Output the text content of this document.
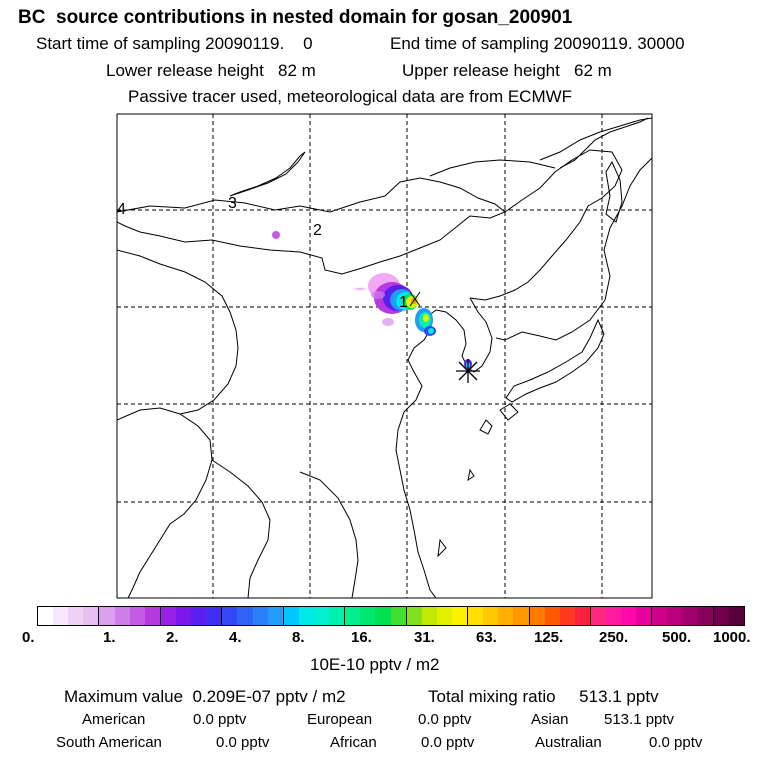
BC  source contributions in nested domain for gosan_200901
Start time of sampling 20090119.    0	End time of sampling 20090119. 30000
Lower release height   82 m	Upper release height   62 m
Passive tracer used, meteorological data are from ECMWF
1
2
3
4
0.	1.	2.	4.	8.	16.	31.	63. 125. 250. 500. 1000.
10E-10 pptv / m2
Maximum value  0.209E-07 pptv / m2	Total mixing ratio     513.1 pptv
American	0.0 pptv	European	0.0 pptv	Asian 513.1 pptv
South American	0.0 pptv	African	0.0 pptv	Australian	0.0 pptv
